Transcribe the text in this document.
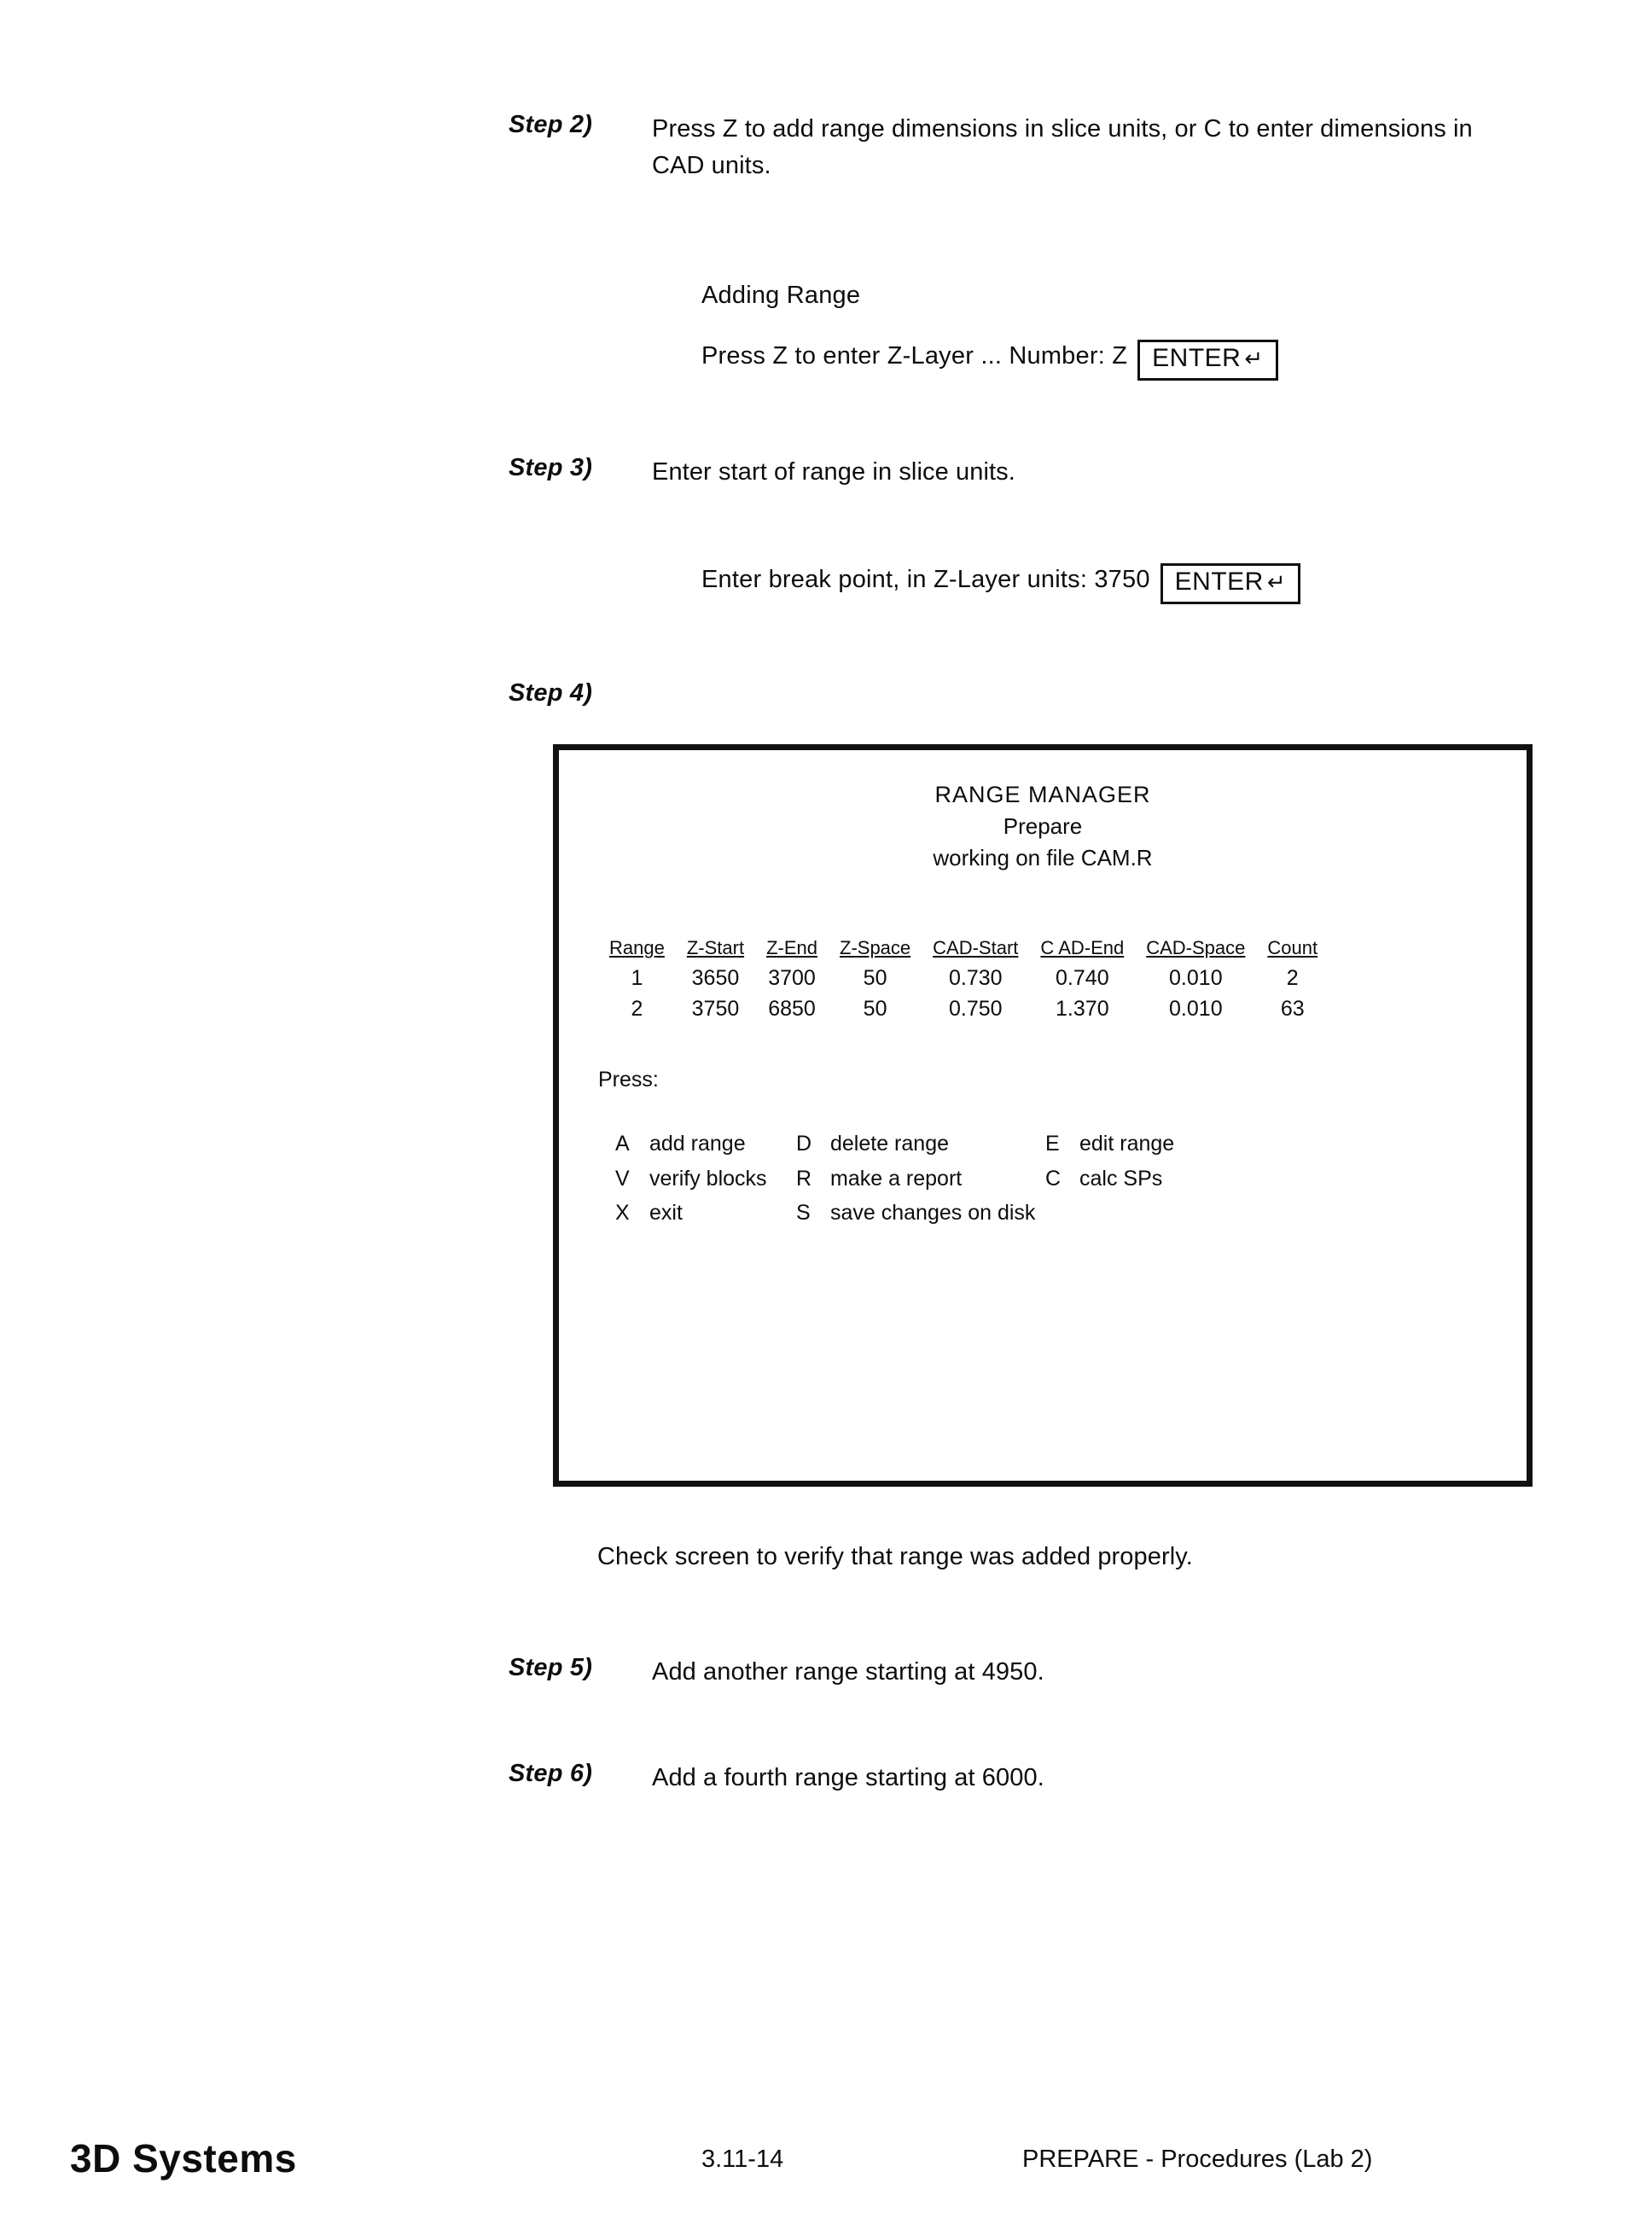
Step 2)	Press Z to add range dimensions in slice units, or C to enter dimensions in CAD units.
Adding Range
Press Z to enter Z-Layer ... Number: Z ENTER ↵
Step 3)	Enter start of range in slice units.
Enter break point, in Z-Layer units: 3750 ENTER ↵
Step 4)
RANGE MANAGER
Prepare
working on file CAM.R
Range	Z-Start	Z-End	Z-Space	CAD-Start	C AD-End	CAD-Space	Count
1	3650	3700	50	0.730	0.740	0.010	2
2	3750	6850	50	0.750	1.370	0.010	63
Press:
A add range D delete range	E edit range
V verify blocks R make a report	C calc SPs
X exit	S save changes on disk
Check screen to verify that range was added properly.
Step 5)	Add another range starting at 4950.
Step 6)	Add a fourth range starting at 6000.
3D Systems	3.11-14	PREPARE - Procedures (Lab 2)
